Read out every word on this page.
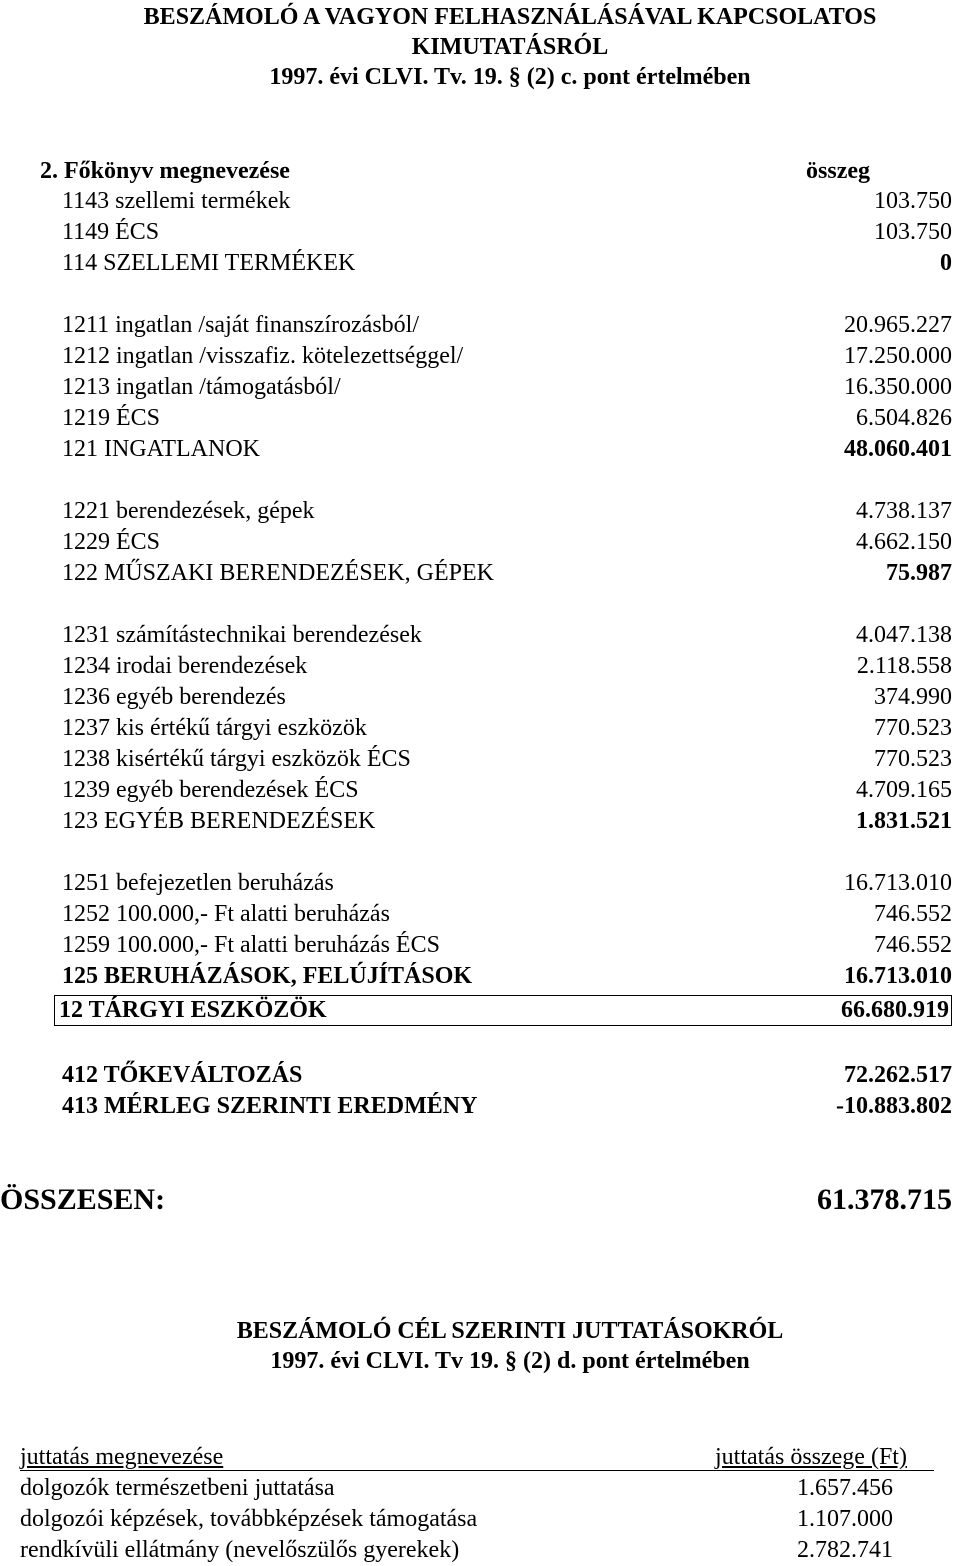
BESZÁMOLÓ A VAGYON FELHASZNÁLÁSÁVAL KAPCSOLATOS
KIMUTATÁSRÓL
1997. évi CLVI. Tv. 19. § (2) c. pont értelmében
2. Főkönyv megnevezése	összeg
1143 szellemi termékek	103.750
1149 ÉCS	103.750
114 SZELLEMI TERMÉKEK	0
1211 ingatlan /saját finanszírozásból/	20.965.227
1212 ingatlan /visszafiz. kötelezettséggel/	17.250.000
1213 ingatlan /támogatásból/	16.350.000
1219 ÉCS	6.504.826
121 INGATLANOK	48.060.401
1221 berendezések, gépek	4.738.137
1229 ÉCS	4.662.150
122 MŰSZAKI BERENDEZÉSEK, GÉPEK	75.987
1231 számítástechnikai berendezések	4.047.138
1234 irodai berendezések	2.118.558
1236 egyéb berendezés	374.990
1237 kis értékű tárgyi eszközök	770.523
1238 kisértékű tárgyi eszközök ÉCS	770.523
1239 egyéb berendezések ÉCS	4.709.165
123 EGYÉB BERENDEZÉSEK	1.831.521
1251 befejezetlen beruházás	16.713.010
1252 100.000,- Ft alatti beruházás	746.552
1259 100.000,- Ft alatti beruházás ÉCS	746.552
125 BERUHÁZÁSOK, FELÚJÍTÁSOK	16.713.010
12 TÁRGYI ESZKÖZÖK	66.680.919
412 TŐKEVÁLTOZÁS	72.262.517
413 MÉRLEG SZERINTI EREDMÉNY	-10.883.802
ÖSSZESEN:	61.378.715
BESZÁMOLÓ CÉL SZERINTI JUTTATÁSOKRÓL
1997. évi CLVI. Tv 19. § (2) d. pont értelmében
juttatás megnevezése	juttatás összege (Ft)
dolgozók természetbeni juttatása	1.657.456
dolgozói képzések, továbbképzések támogatása	1.107.000
rendkívüli ellátmány (nevelőszülős gyerekek)	2.782.741
